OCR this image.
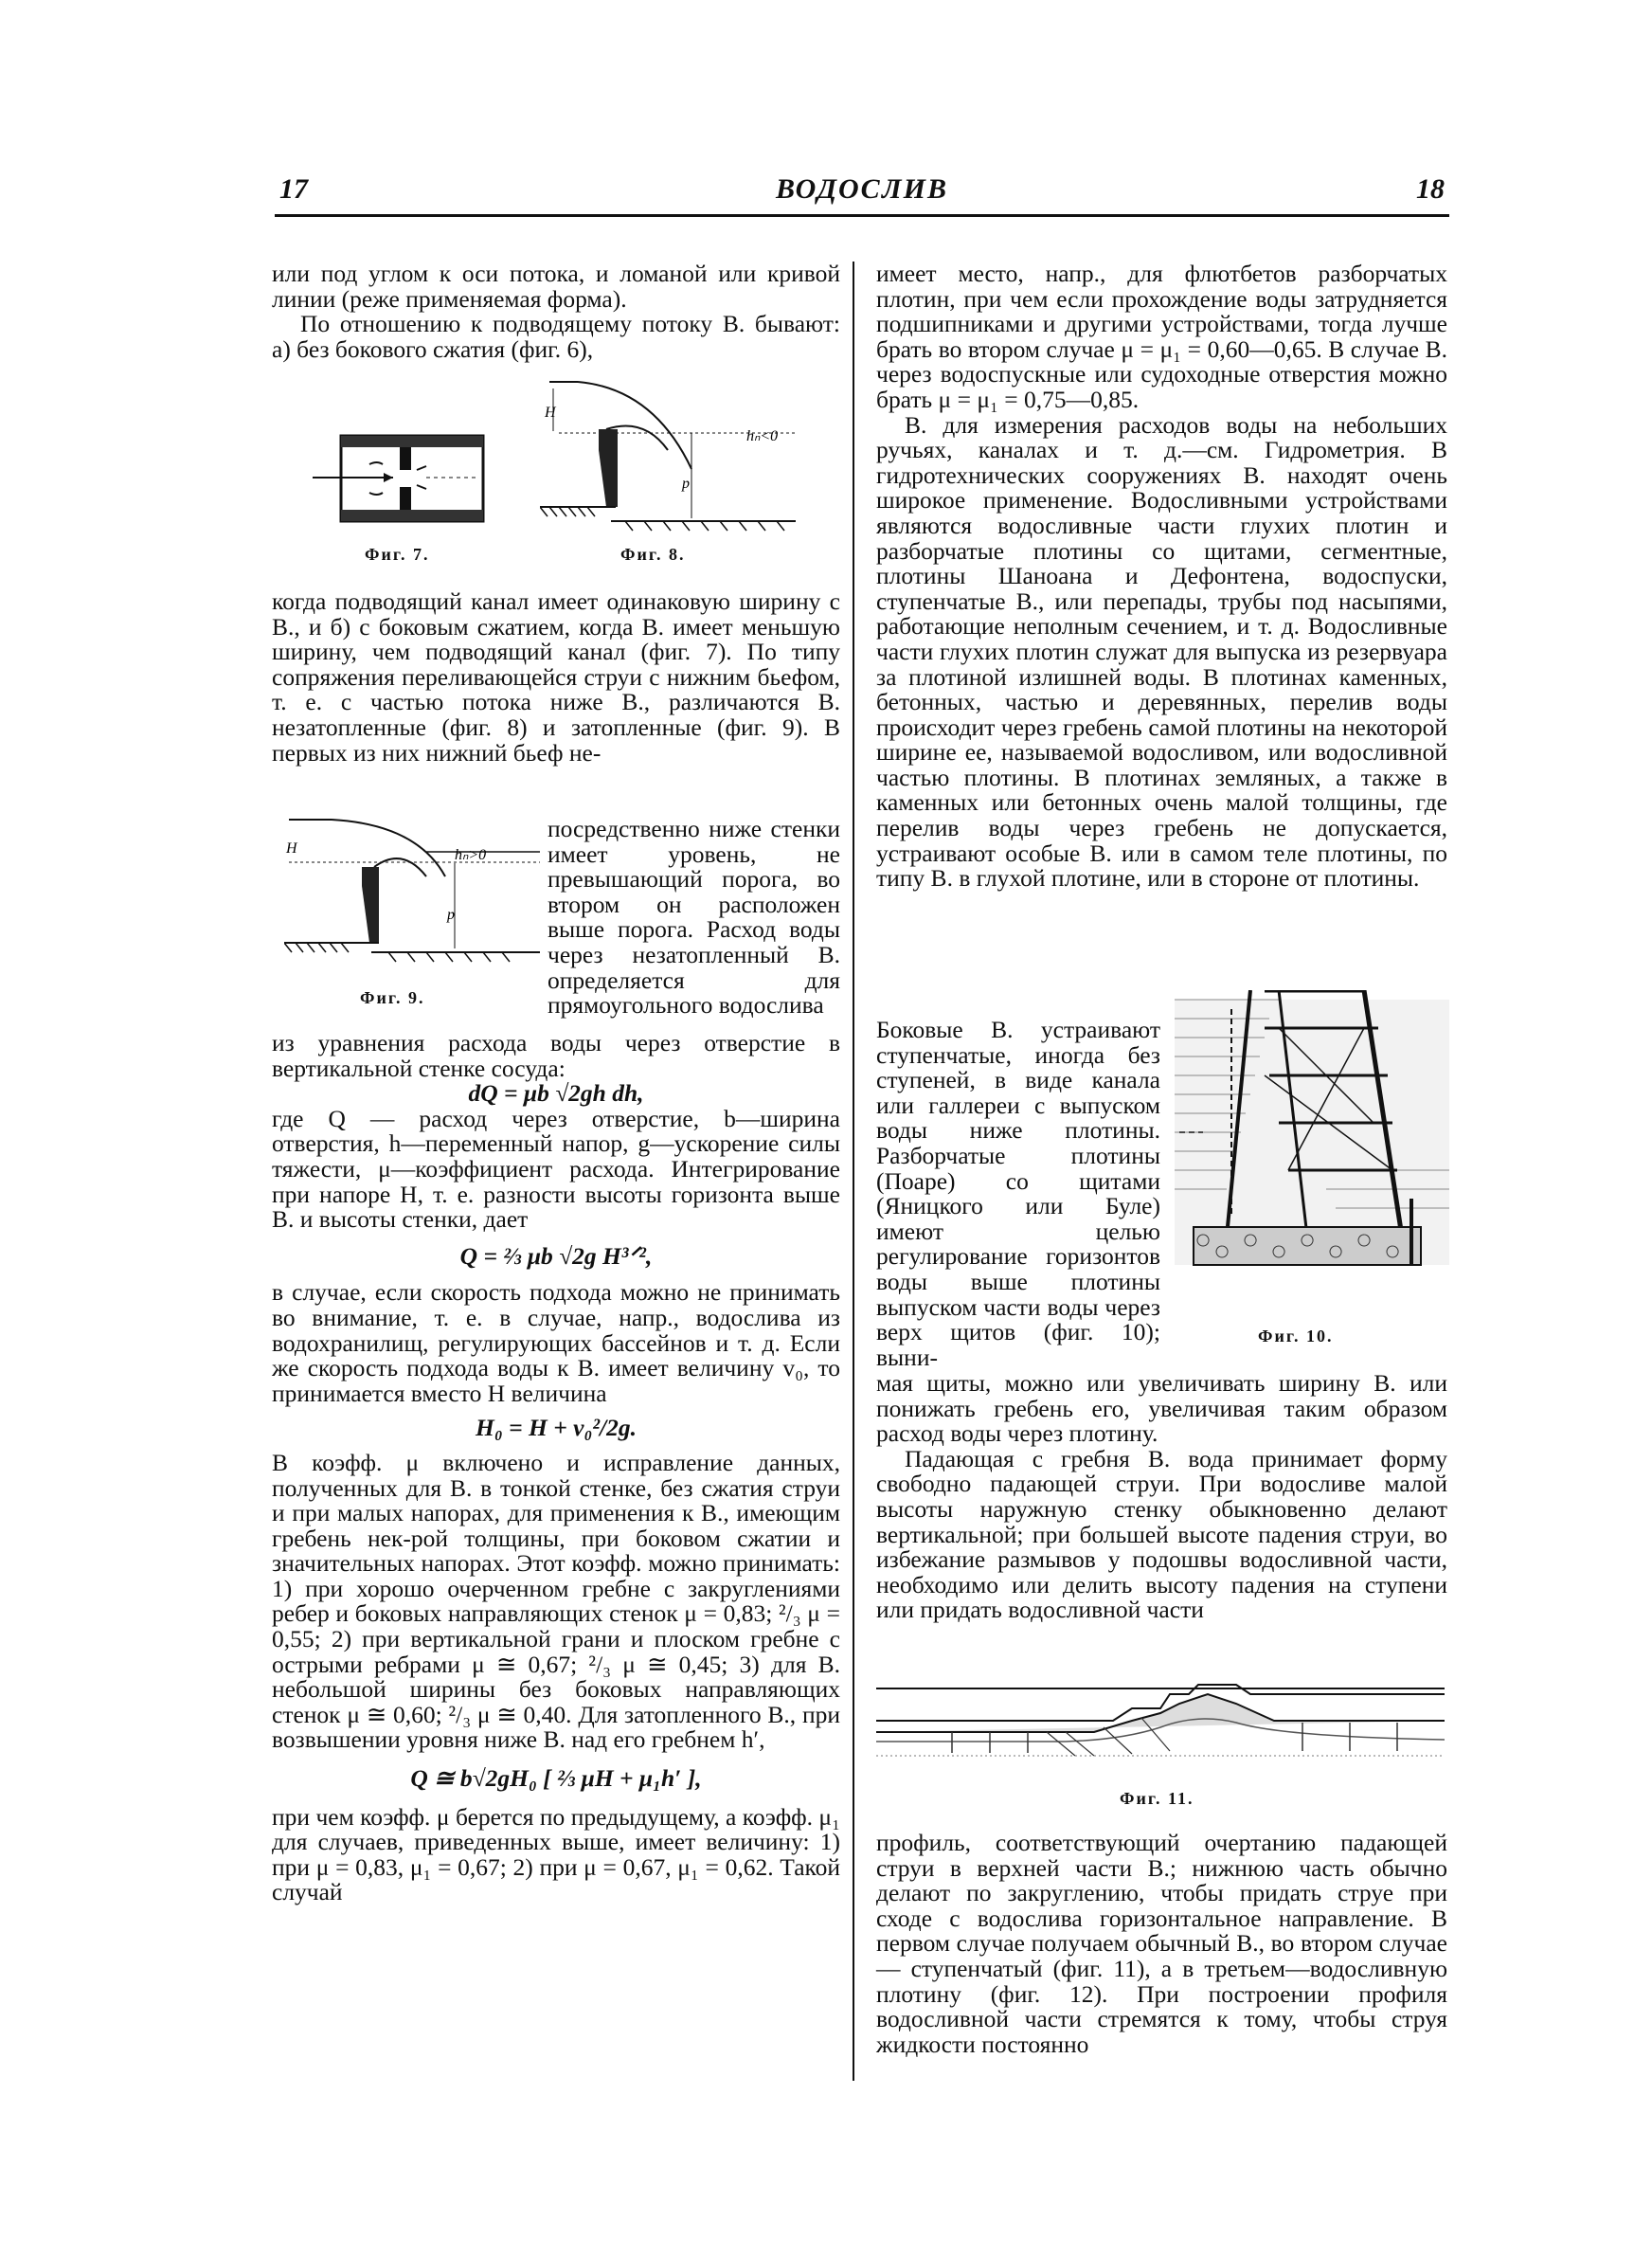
17	ВОДОСЛИВ	18

или под углом к оси потока, и ломаной или кривой линии (реже применяемая форма).

По отношению к подводящему потоку В. бывают: а) без бокового сжатия (фиг. 6),

Фиг. 7.
H
hₙ<0
p
Фиг. 8.

когда подводящий канал имеет одинаковую ширину с В., и б) с боковым сжатием, когда В. имеет меньшую ширину, чем подводящий канал (фиг. 7). По типу сопряжения переливающейся струи с нижним бьефом, т. е. с частью потока ниже В., различаются В. незатопленные (фиг. 8) и затопленные (фиг. 9). В первых из них нижний бьеф не-

H	hₙ>0
p
Фиг. 9.

посредственно ниже стенки имеет уровень, не превышающий порога, во втором он расположен выше порога. Расход воды через незатопленный В. определяется для прямоугольного водослива

из уравнения расхода воды через отверстие в вертикальной стенке сосуда:

dQ = μb √2gh dh,

где Q — расход через отверстие, b—ширина отверстия, h—переменный напор, g—ускорение силы тяжести, μ—коэффициент расхода. Интегрирование при напоре H, т. е. разности высоты горизонта выше В. и высоты стенки, дает

Q = ⅔ μb √2g H³ᐟ²,

в случае, если скорость подхода можно не принимать во внимание, т. е. в случае, напр., водослива из водохранилищ, регулирующих бассейнов и т. д. Если же скорость подхода воды к В. имеет величину v₀, то принимается вместо H величина

H₀ = H + v₀²/2g.

В коэфф. μ включено и исправление данных, полученных для В. в тонкой стенке, без сжатия струи и при малых напорах, для применения к В., имеющим гребень нек-рой толщины, при боковом сжатии и значительных напорах. Этот коэфф. можно принимать: 1) при хорошо очерченном гребне с закруглениями ребер и боковых направляющих стенок μ = 0,83; ²/₃ μ = 0,55; 2) при вертикальной грани и плоском гребне с острыми ребрами μ ≅ 0,67; ²/₃ μ ≅ 0,45; 3) для В. небольшой ширины без боковых направляющих стенок μ ≅ 0,60; ²/₃ μ ≅ 0,40. Для затопленного В., при возвышении уровня ниже В. над его гребнем h′,

Q ≅ b√2gH₀ [ ⅔ μH + μ₁h′ ],

при чем коэфф. μ берется по предыдущему, а коэфф. μ₁ для случаев, приведенных выше, имеет величину: 1) при μ = 0,83, μ₁ = 0,67; 2) при μ = 0,67, μ₁ = 0,62. Такой случай

имеет место, напр., для флютбетов разборчатых плотин, при чем если прохождение воды затрудняется подшипниками и другими устройствами, тогда лучше брать во втором случае μ = μ₁ = 0,60—0,65. В случае В. через водоспускные или судоходные отверстия можно брать μ = μ₁ = 0,75—0,85.

В. для измерения расходов воды на небольших ручьях, каналах и т. д.—см. Гидрометрия. В гидротехнических сооружениях В. находят очень широкое применение. Водосливными устройствами являются водосливные части глухих плотин и разборчатые плотины со щитами, сегментные, плотины Шаноана и Дефонтена, водоспуски, ступенчатые В., или перепады, трубы под насыпями, работающие неполным сечением, и т. д. Водосливные части глухих плотин служат для выпуска из резервуара за плотиной излишней воды. В плотинах каменных, бетонных, частью и деревянных, перелив воды происходит через гребень самой плотины на некоторой ширине ее, называемой водосливом, или водосливной частью плотины. В плотинах земляных, а также в каменных или бетонных очень малой толщины, где перелив воды через гребень не допускается, устраивают особые В. или в самом теле плотины, по типу В. в глухой плотине, или в стороне от плотины.

Фиг. 10.

Боковые В. устраивают ступенчатые, иногда без ступеней, в виде канала или галлереи с выпуском воды ниже плотины. Разборчатые плотины (Поаре) со щитами (Яницкого или Буле) имеют целью регулирование горизонтов воды выше плотины выпуском части воды через верх щитов (фиг. 10); выни-

мая щиты, можно или увеличивать ширину В. или понижать гребень его, увеличивая таким образом расход воды через плотину.

Падающая с гребня В. вода принимает форму свободно падающей струи. При водосливе малой высоты наружную стенку обыкновенно делают вертикальной; при большей высоте падения струи, во избежание размывов у подошвы водосливной части, необходимо или делить высоту падения на ступени или придать водосливной части

Фиг. 11.

профиль, соответствующий очертанию падающей струи в верхней части В.; нижнюю часть обычно делают по закруглению, чтобы придать струе при сходе с водослива горизонтальное направление. В первом случае получаем обычный В., во втором случае— ступенчатый (фиг. 11), а в третьем—водосливную плотину (фиг. 12). При построении профиля водосливной части стремятся к тому, чтобы струя жидкости постоянно
